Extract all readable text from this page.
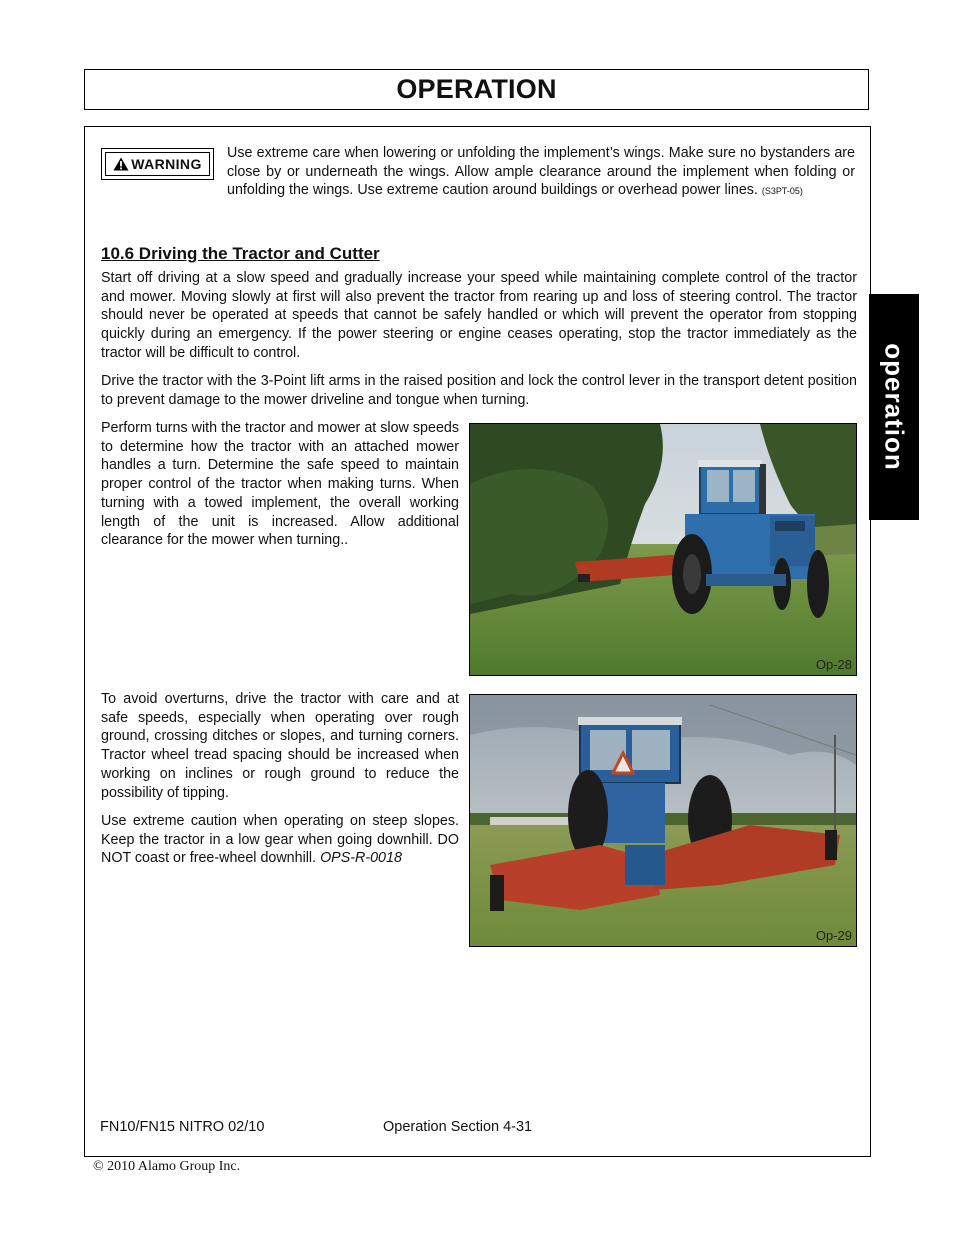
OPERATION
operation
WARNING
Use extreme care when lowering or unfolding the implement’s wings. Make sure no bystanders are close by or underneath the wings. Allow ample clearance around the implement when folding or unfolding the wings. Use extreme caution around buildings or overhead power lines. (S3PT-05)
10.6 Driving the Tractor and Cutter

Start off driving at a slow speed and gradually increase your speed while maintaining complete control of the tractor and mower. Moving slowly at first will also prevent the tractor from rearing up and loss of steering control. The tractor should never be operated at speeds that cannot be safely handled or which will prevent the operator from stopping quickly during an emergency. If the power steering or engine ceases operating, stop the tractor immediately as the tractor will be difficult to control.

Drive the tractor with the 3-Point lift arms in the raised position and lock the control lever in the transport detent position to prevent damage to the mower driveline and tongue when turning.

Perform turns with the tractor and mower at slow speeds to determine how the tractor with an attached mower handles a turn. Determine the safe speed to maintain proper control of the tractor when making turns. When turning with a towed implement, the overall working length of the unit is increased. Allow additional clearance for the mower when turning..

To avoid overturns, drive the tractor with care and at safe speeds, especially when operating over rough ground, crossing ditches or slopes, and turning corners. Tractor wheel tread spacing should be increased when working on inclines or rough ground to reduce the possibility of tipping.

Use extreme caution when operating on steep slopes. Keep the tractor in a low gear when going downhill. DO NOT coast or free-wheel downhill. OPS-R-0018
Op-28
Op-29
FN10/FN15 NITRO 02/10	Operation Section 4-31
© 2010 Alamo Group Inc.
